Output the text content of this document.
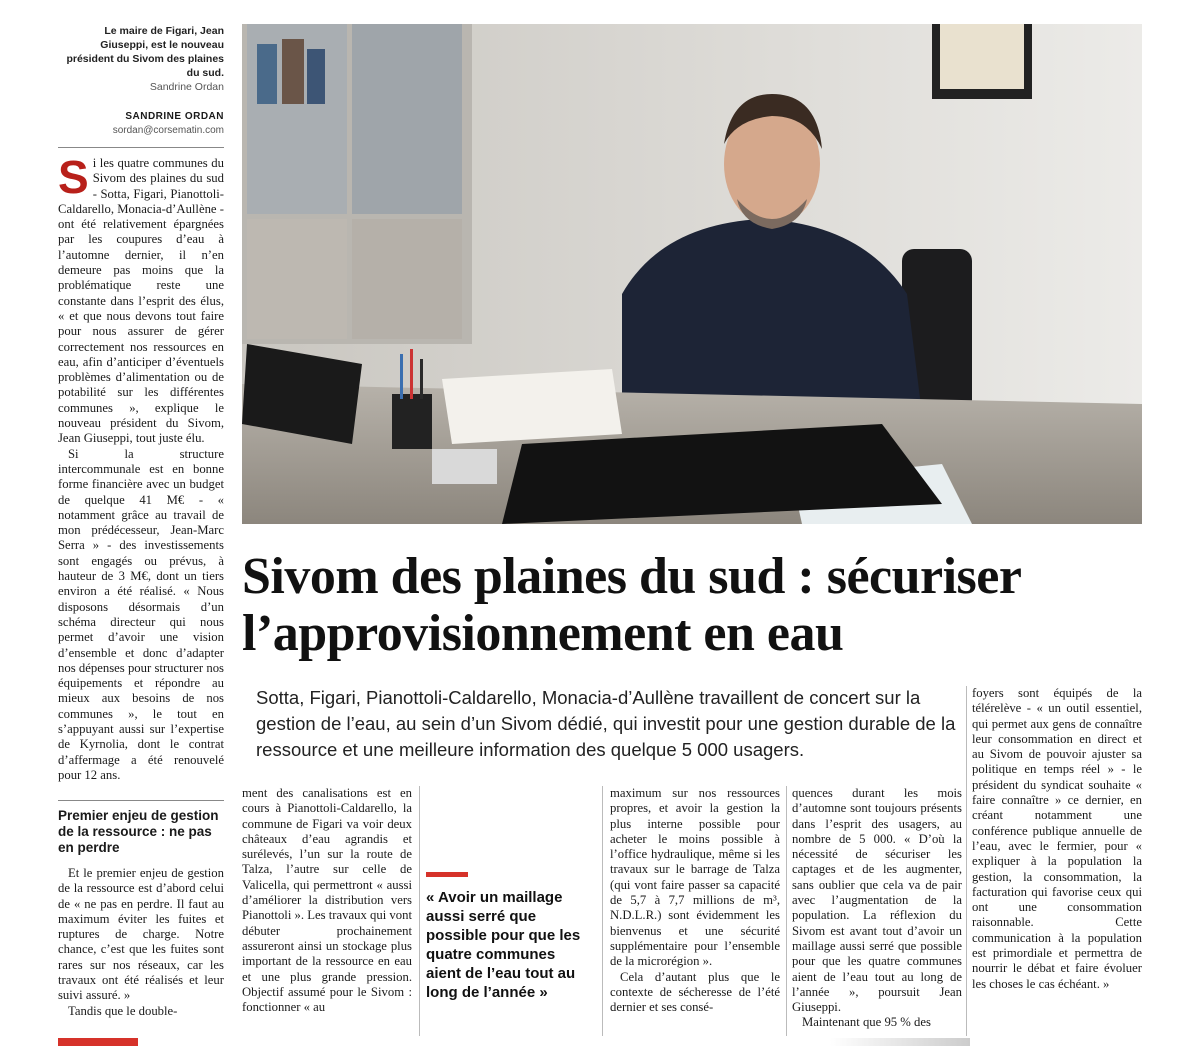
Le maire de Figari, Jean Giuseppi, est le nouveau président du Sivom des plaines du sud.
Sandrine Ordan
SANDRINE ORDAN
sordan@corsematin.com

Si les quatre communes du Sivom des plaines du sud - Sotta, Figari, Pianottoli-Caldarello, Monacia-d’Aullène - ont été relativement épargnées par les coupures d’eau à l’automne dernier, il n’en demeure pas moins que la problématique reste une constante dans l’esprit des élus, « et que nous devons tout faire pour nous assurer de gérer correctement nos ressources en eau, afin d’anticiper d’éventuels problèmes d’alimentation ou de potabilité sur les différentes communes », explique le nouveau président du Sivom, Jean Giuseppi, tout juste élu.

Si la structure intercommunale est en bonne forme financière avec un budget de quelque 41 M€ - « notamment grâce au travail de mon prédécesseur, Jean-Marc Serra » - des investissements sont engagés ou prévus, à hauteur de 3 M€, dont un tiers environ a été réalisé. « Nous disposons désormais d’un schéma directeur qui nous permet d’avoir une vision d’ensemble et donc d’adapter nos dépenses pour structurer nos équipements et répondre au mieux aux besoins de nos communes », le tout en s’appuyant aussi sur l’expertise de Kyrnolia, dont le contrat d’affermage a été renouvelé pour 12 ans.

Premier enjeu de gestion de la ressource : ne pas en perdre

Et le premier enjeu de gestion de la ressource est d’abord celui de « ne pas en perdre. Il faut au maximum éviter les fuites et ruptures de charge. Notre chance, c’est que les fuites sont rares sur nos réseaux, car les travaux ont été réalisés et leur suivi assuré. »

Tandis que le double-

Sivom des plaines du sud : sécuriser l’approvisionnement en eau
Sotta, Figari, Pianottoli-Caldarello, Monacia-d’Aullène travaillent de concert sur la gestion de l’eau, au sein d’un Sivom dédié, qui investit pour une gestion durable de la ressource et une meilleure information des quelque 5 000 usagers.

ment des canalisations est en cours à Pianottoli-Caldarello, la commune de Figari va voir deux châteaux d’eau agrandis et surélevés, l’un sur la route de Talza, l’autre sur celle de Valicella, qui permettront « aussi d’améliorer la distribution vers Pianottoli ». Les travaux qui vont débuter prochainement assureront ainsi un stockage plus important de la ressource en eau et une plus grande pression. Objectif assumé pour le Sivom : fonctionner « au

« Avoir un maillage aussi serré que possible pour que les quatre communes aient de l’eau tout au long de l’année »

maximum sur nos ressources propres, et avoir la gestion la plus interne possible pour acheter le moins possible à l’office hydraulique, même si les travaux sur le barrage de Talza (qui vont faire passer sa capacité de 5,7 à 7,7 millions de m³, N.D.L.R.) sont évidemment les bienvenus et une sécurité supplémentaire pour l’ensemble de la microrégion ».

Cela d’autant plus que le contexte de sécheresse de l’été dernier et ses consé-

quences durant les mois d’automne sont toujours présents dans l’esprit des usagers, au nombre de 5 000. « D’où la nécessité de sécuriser les captages et de les augmenter, sans oublier que cela va de pair avec l’augmentation de la population. La réflexion du Sivom est avant tout d’avoir un maillage aussi serré que possible pour que les quatre communes aient de l’eau tout au long de l’année », poursuit Jean Giuseppi.

Maintenant que 95 % des

foyers sont équipés de la télérelève - « un outil essentiel, qui permet aux gens de connaître leur consommation en direct et au Sivom de pouvoir ajuster sa politique en temps réel » - le président du syndicat souhaite « faire connaître » ce dernier, en créant notamment une conférence publique annuelle de l’eau, avec le fermier, pour « expliquer à la population la gestion, la consommation, la facturation qui favorise ceux qui ont une consommation raisonnable. Cette communication à la population est primordiale et permettra de nourrir le débat et faire évoluer les choses le cas échéant. »
